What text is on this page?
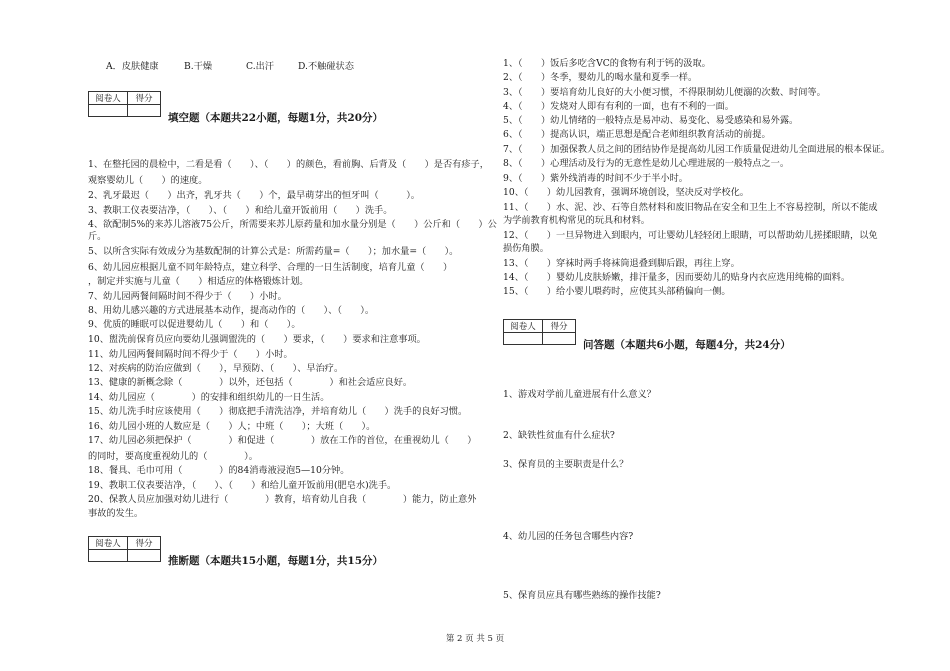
A．皮肤健康	B.干燥	C.出汗	D.不触碰状态
阅卷人	得分

填空题（本题共22小题，每题1分，共20分）
1、在整托园的晨检中，二看是看（　　）、（　　）的颜色，看前胸、后背及（　　）是否有疹子，
观察婴幼儿（　　）的速度。
2、乳牙最迟（　　）出齐，乳牙共（　　）个，最早萌芽出的恒牙叫（　　　）。
3、教职工仪表要洁净，（　　）、（　　）和给儿童开饭前用（　　）洗手。
4、欲配制5%的来苏儿溶液75公斤，所需要来苏儿原药量和加水量分别是（　　）公斤和（　　）公
斤。
5、以所含实际有效成分为基数配制的计算公式是：所需药量=（　　）；加水量=（　　）。
6、幼儿园应根据儿童不同年龄特点，建立科学、合理的一日生活制度，培育儿童（　　）
，制定并实施与儿童（　　）相适应的体格锻炼计划。
7、幼儿园两餐间隔时间不得少于（　　）小时。
8、用幼儿感兴趣的方式进展基本动作，提高动作的（　　）、（　　）。
9、优质的睡眠可以促进婴幼儿（　　）和（　　）。
10、盥洗前保育员应向要幼儿强调盥洗的（　　）要求，（　　）要求和注意事项。
11、幼儿园两餐间隔时间不得少于（　　）小时。
12、对疾病的防治应做到（　　），早预防、（　　）、早治疗。
13、健康的新概念除（　　　　）以外，还包括（　　　　）和社会适应良好。
14、幼儿园应（　　　　）的安排和组织幼儿的一日生活。
15、幼儿洗手时应该使用（　　）彻底把手清洗洁净，并培育幼儿（　　）洗手的良好习惯。
16、幼儿园小班的人数应是（　　）人；中班（　　）；大班（　　）。
17、幼儿园必须把保护（　　　　）和促进（　　　　）放在工作的首位，在重视幼儿（　　）
的同时，要高度重视幼儿的（　　　　）。
18、餐具、毛巾可用（　　　　）的84消毒液浸泡5—10分钟。
19、教职工仪表要洁净，（　　）、（　　）和给儿童开饭前用(肥皂水)洗手。
20、保教人员应加强对幼儿进行（　　　　）教育，培育幼儿自我（　　　　）能力，防止意外
事故的发生。
阅卷人	得分

推断题（本题共15小题，每题1分，共15分）
1、（　　）饭后多吃含VC的食物有利于钙的汲取。
2、（　　）冬季，婴幼儿的喝水量和夏季一样。
3、（　　）要培育幼儿良好的大小便习惯，不得限制幼儿便溺的次数、时间等。
4、（　　）发烧对人即有有利的一面，也有不利的一面。
5、（　　）幼儿情绪的一般特点是易冲动、易变化、易受感染和易外露。
6、（　　）提高认识，端正思想是配合老师组织教育活动的前提。
7、（　　）加强保教人员之间的团结协作是提高幼儿园工作质量促进幼儿全面进展的根本保证。
8、（　　）心理活动及行为的无意性是幼儿心理进展的一般特点之一。
9、（　　）紫外线消毒的时间不少于半小时。
10、（　　）幼儿园教育，强调环境创设，坚决反对学校化。
11、（　　）水、泥、沙、石等自然材料和废旧物品在安全和卫生上不容易控制，所以不能成
为学前教育机构常见的玩具和材料。
12、（　　）一旦异物进入到眼内，可让婴幼儿轻轻闭上眼睛，可以帮助幼儿搓揉眼睛，以免
损伤角膜。
13、（　　）穿袜时两手将袜筒退叠到脚后跟，再往上穿。
14、（　　）婴幼儿皮肤娇嫩，排汗量多，因而要幼儿的贴身内衣应选用纯棉的面料。
15、（　　）给小婴儿喂药时，应使其头部稍偏向一侧。
阅卷人	得分

问答题（本题共6小题，每题4分，共24分）
1、游戏对学前儿童进展有什么意义？
2、缺铁性贫血有什么症状?
3、保育员的主要职责是什么？
4、幼儿园的任务包含哪些内容?
5、保育员应具有哪些熟练的操作技能?
第 2 页 共 5 页
